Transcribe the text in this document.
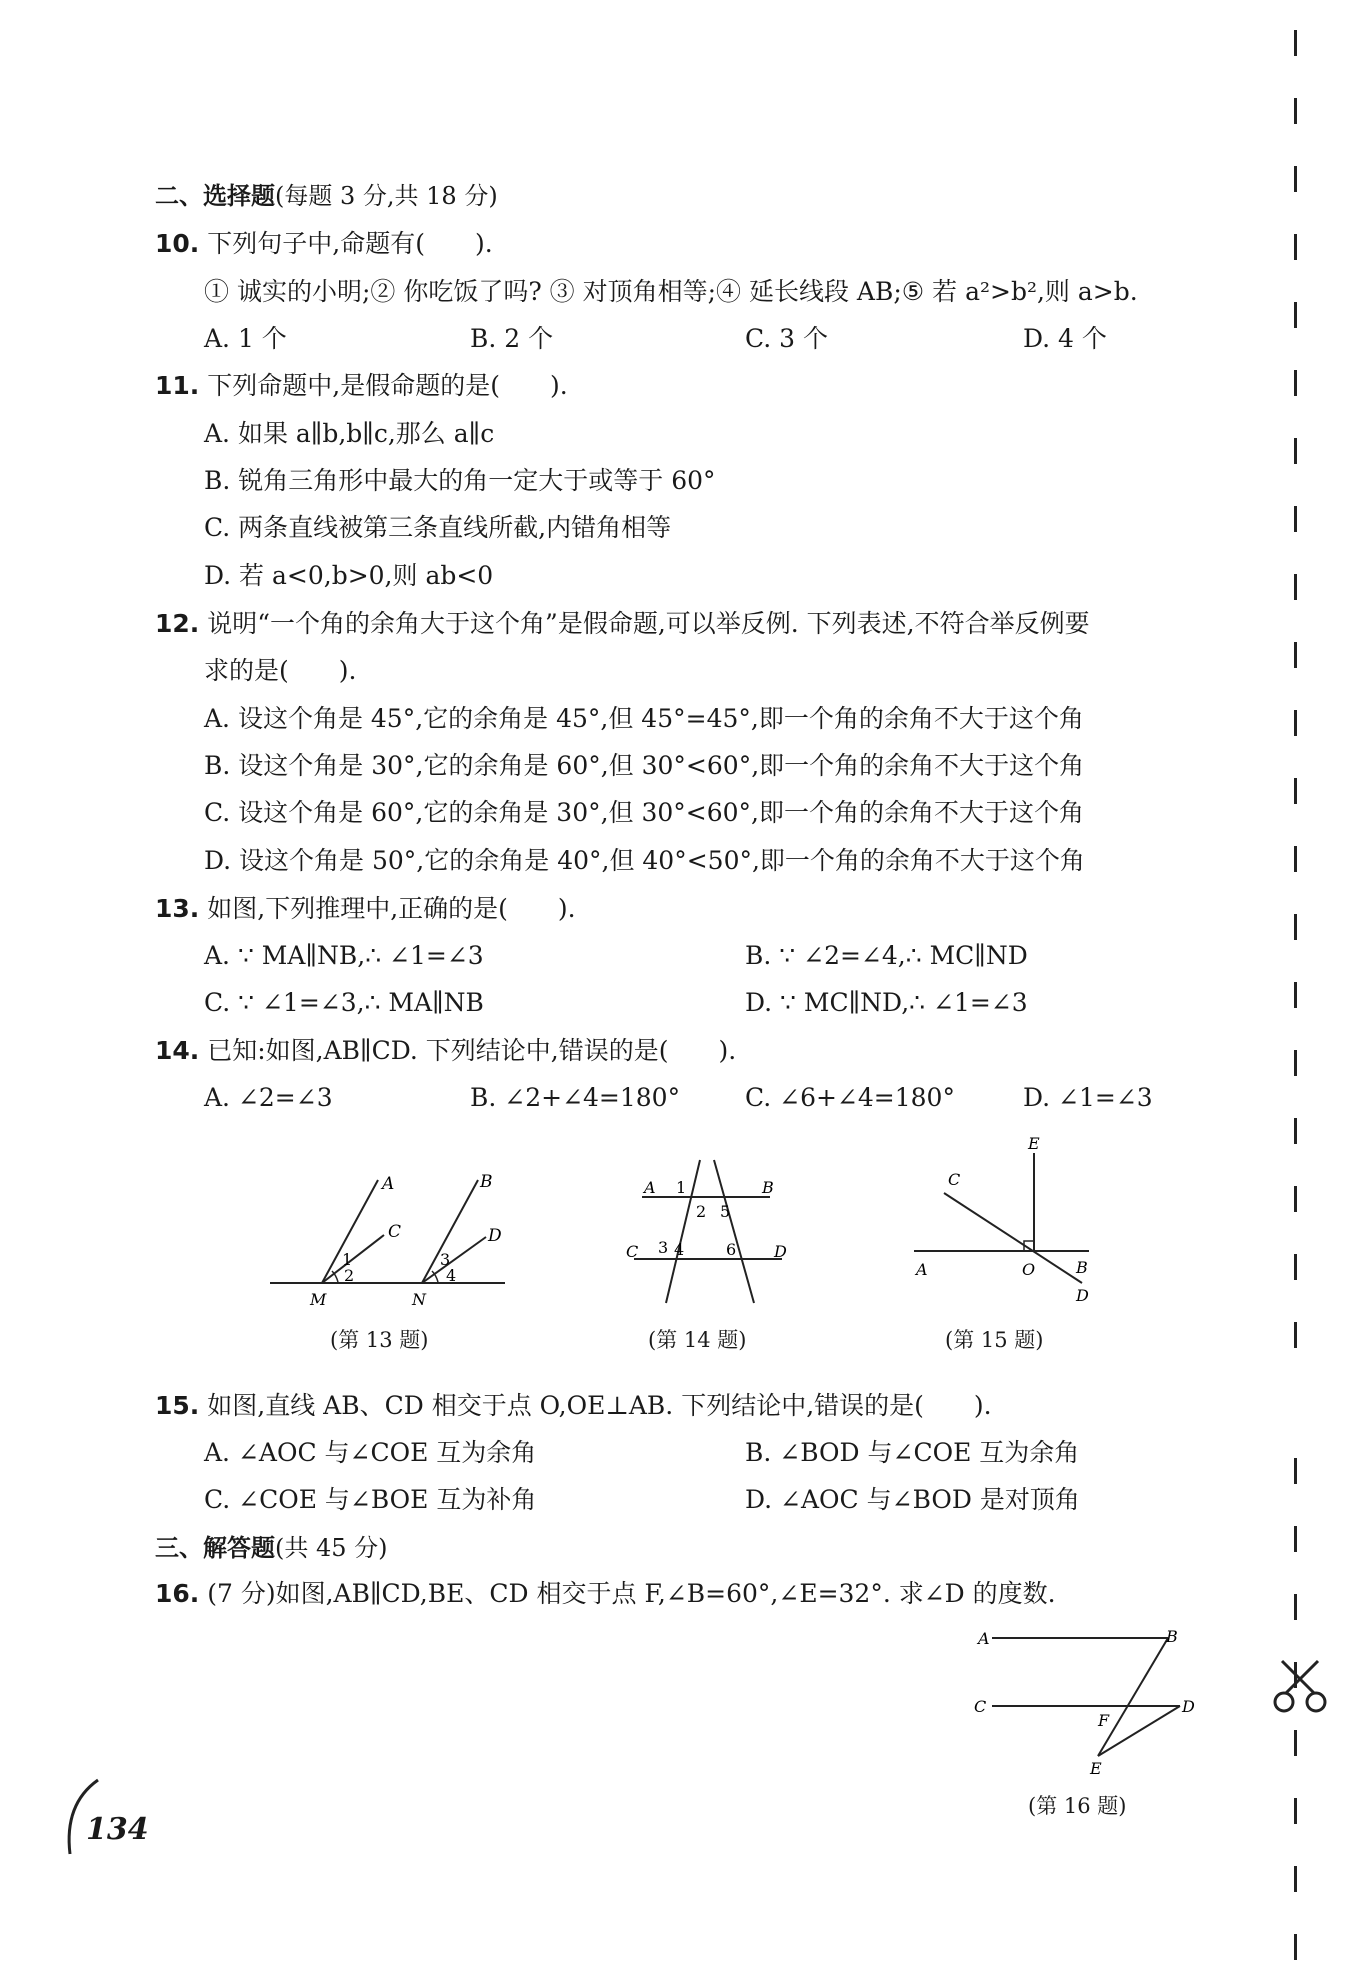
二、选择题(每题 3 分,共 18 分)
10. 下列句子中,命题有(　　).
① 诚实的小明;② 你吃饭了吗? ③ 对顶角相等;④ 延长线段 AB;⑤ 若 a²>b²,则 a>b.
A. 1 个	B. 2 个	C. 3 个	D. 4 个
11. 下列命题中,是假命题的是(　　).
A. 如果 a∥b,b∥c,那么 a∥c
B. 锐角三角形中最大的角一定大于或等于 60°
C. 两条直线被第三条直线所截,内错角相等
D. 若 a<0,b>0,则 ab<0
12. 说明“一个角的余角大于这个角”是假命题,可以举反例. 下列表述,不符合举反例要
求的是(　　).
A. 设这个角是 45°,它的余角是 45°,但 45°=45°,即一个角的余角不大于这个角
B. 设这个角是 30°,它的余角是 60°,但 30°<60°,即一个角的余角不大于这个角
C. 设这个角是 60°,它的余角是 30°,但 30°<60°,即一个角的余角不大于这个角
D. 设这个角是 50°,它的余角是 40°,但 40°<50°,即一个角的余角不大于这个角
13. 如图,下列推理中,正确的是(　　).
A. ∵ MA∥NB,∴ ∠1=∠3	B. ∵ ∠2=∠4,∴ MC∥ND
C. ∵ ∠1=∠3,∴ MA∥NB	D. ∵ MC∥ND,∴ ∠1=∠3
14. 已知:如图,AB∥CD. 下列结论中,错误的是(　　).
A. ∠2=∠3	B. ∠2+∠4=180°	C. ∠6+∠4=180°	D. ∠1=∠3
A
C
B
D
1
2
3
4
M	N
(第 13 题)
A 1	B
2 5
C 3 4	6 D
(第 14 题)
E
C
A	O	B
D
(第 15 题)
15. 如图,直线 AB、CD 相交于点 O,OE⊥AB. 下列结论中,错误的是(　　).
A. ∠AOC 与∠COE 互为余角	B. ∠BOD 与∠COE 互为余角
C. ∠COE 与∠BOE 互为补角	D. ∠AOC 与∠BOD 是对顶角
三、解答题(共 45 分)
16. (7 分)如图,AB∥CD,BE、CD 相交于点 F,∠B=60°,∠E=32°. 求∠D 的度数.
A	B
C	D
F
E
(第 16 题)
134
